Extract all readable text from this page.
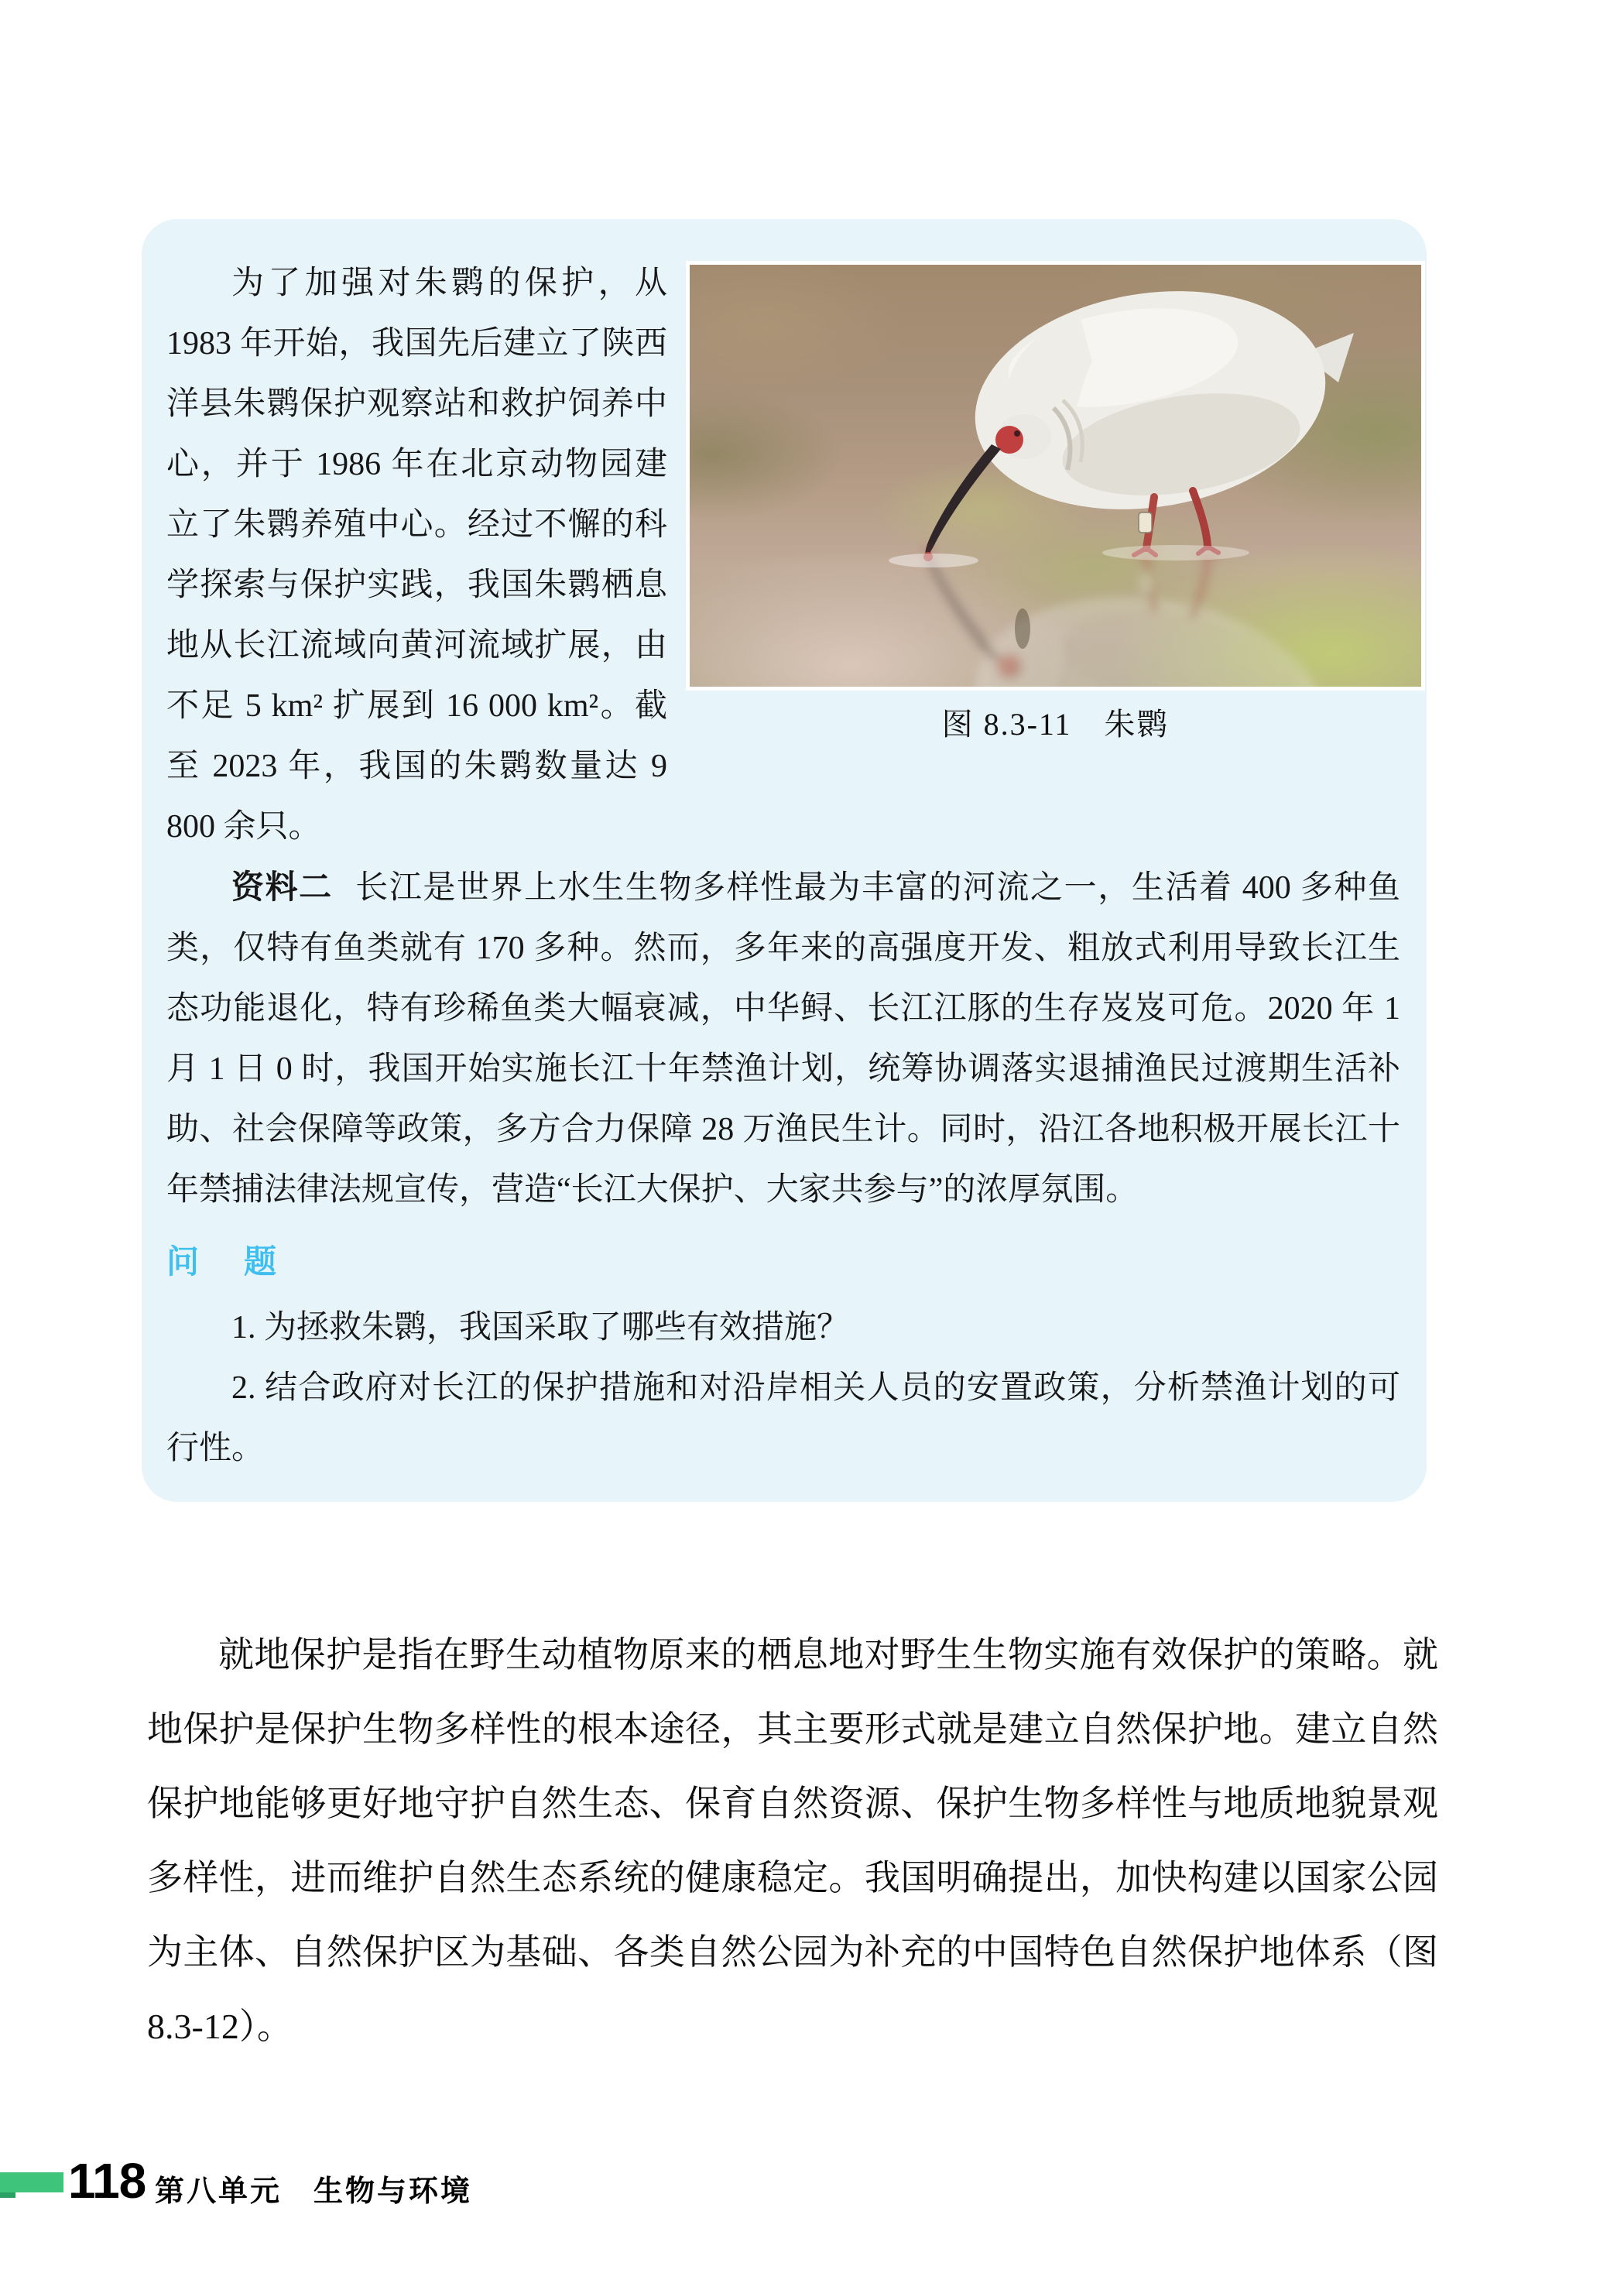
图 8.3-11　朱鹮

为了加强对朱鹮的保护，从 1983 年开始，我国先后建立了陕西洋县朱鹮保护观察站和救护饲养中心，并于 1986 年在北京动物园建立了朱鹮养殖中心。经过不懈的科学探索与保护实践，我国朱鹮栖息地从长江流域向黄河流域扩展，由不足 5 km² 扩展到 16 000 km²。截至 2023 年，我国的朱鹮数量达 9 800 余只。

资料二 长江是世界上水生生物多样性最为丰富的河流之一，生活着 400 多种鱼类，仅特有鱼类就有 170 多种。然而，多年来的高强度开发、粗放式利用导致长江生态功能退化，特有珍稀鱼类大幅衰减，中华鲟、长江江豚的生存岌岌可危。2020 年 1 月 1 日 0 时，我国开始实施长江十年禁渔计划，统筹协调落实退捕渔民过渡期生活补助、社会保障等政策，多方合力保障 28 万渔民生计。同时，沿江各地积极开展长江十年禁捕法律法规宣传，营造“长江大保护、大家共参与”的浓厚氛围。

问　题

1. 为拯救朱鹮，我国采取了哪些有效措施？

2. 结合政府对长江的保护措施和对沿岸相关人员的安置政策，分析禁渔计划的可行性。

就地保护是指在野生动植物原来的栖息地对野生生物实施有效保护的策略。就地保护是保护生物多样性的根本途径，其主要形式就是建立自然保护地。建立自然保护地能够更好地守护自然生态、保育自然资源、保护生物多样性与地质地貌景观多样性，进而维护自然生态系统的健康稳定。我国明确提出，加快构建以国家公园为主体、自然保护区为基础、各类自然公园为补充的中国特色自然保护地体系（图 8.3-12）。

118 第八单元　生物与环境
